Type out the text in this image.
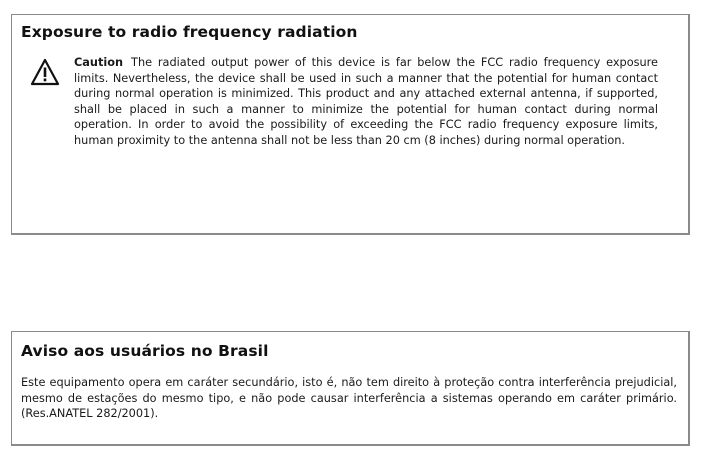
Exposure to radio frequency radiation
Caution The radiated output power of this device is far below the FCC radio frequency exposure limits. Nevertheless, the device shall be used in such a manner that the potential for human contact during normal operation is minimized. This product and any attached external antenna, if supported, shall be placed in such a manner to minimize the potential for human contact during normal operation. In order to avoid the possibility of exceeding the FCC radio frequency exposure limits, human proximity to the antenna shall not be less than 20 cm (8 inches) during normal operation.
Aviso aos usuários no Brasil
Este equipamento opera em caráter secundário, isto é, não tem direito à proteção contra interferência prejudicial, mesmo de estações do mesmo tipo, e não pode causar interferência a sistemas operando em caráter primário. (Res.ANATEL 282/2001).
